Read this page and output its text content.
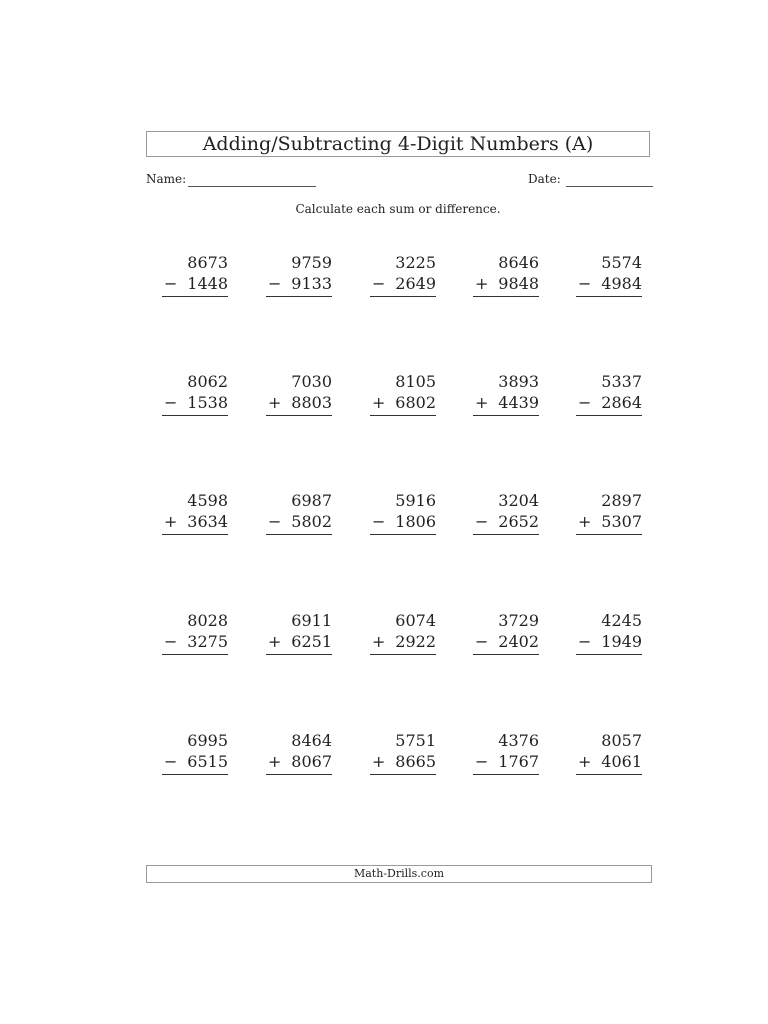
Adding/Subtracting 4-Digit Numbers (A)
Name:	Date:
Calculate each sum or difference.
8673
− 1448
9759
− 9133
3225
− 2649
8646
+ 9848
5574
− 4984
8062
− 1538
7030
+ 8803
8105
+ 6802
3893
+ 4439
5337
− 2864
4598
+ 3634
6987
− 5802
5916
− 1806
3204
− 2652
2897
+ 5307
8028
− 3275
6911
+ 6251
6074
+ 2922
3729
− 2402
4245
− 1949
6995
− 6515
8464
+ 8067
5751
+ 8665
4376
− 1767
8057
+ 4061
Math-Drills.com
